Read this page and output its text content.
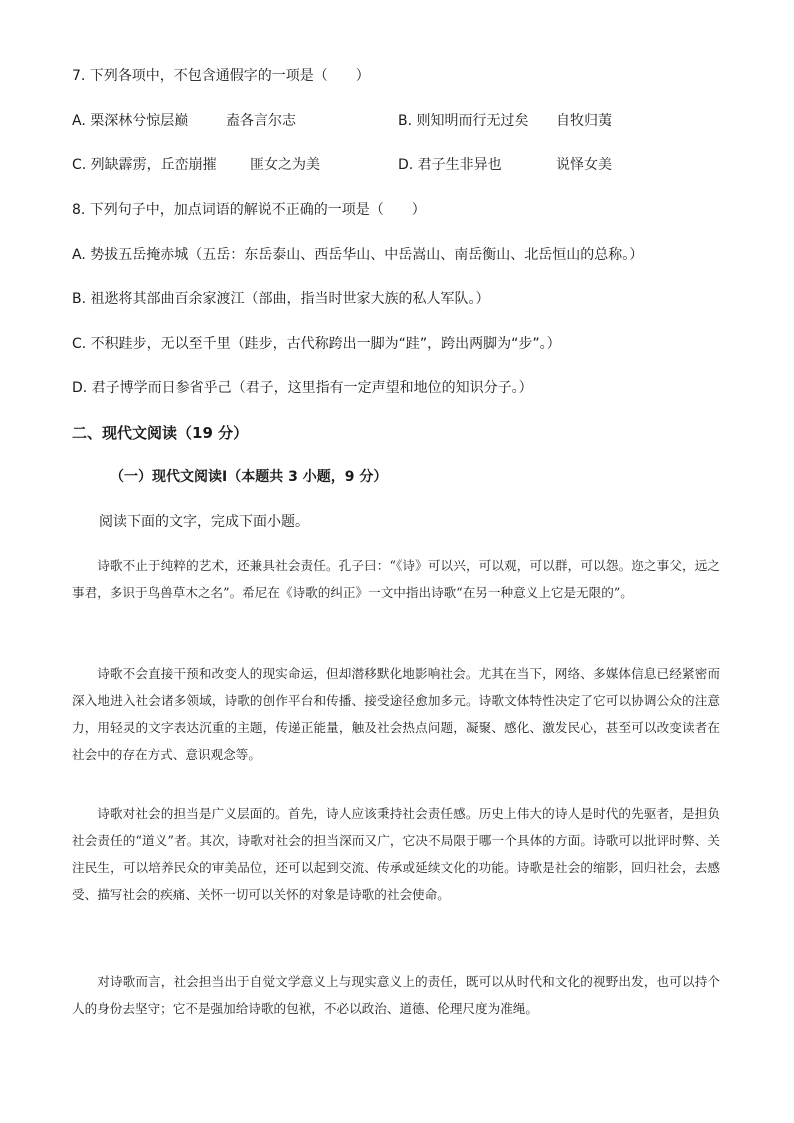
7. 下列各项中，不包含通假字的一项是（　　）
A. 栗深林兮惊层巅	盍各言尔志	B. 则知明而行无过矣 自牧归荑
C. 列缺霹雳，丘峦崩摧 匪女之为美	D. 君子生非异也	说怿女美
8. 下列句子中，加点词语的解说不正确的一项是（　　）
A. 势拔五岳掩赤城（五岳：东岳泰山、西岳华山、中岳嵩山、南岳衡山、北岳恒山的总称。）
B. 祖逖将其部曲百余家渡江（部曲，指当时世家大族的私人军队。）
C. 不积跬步，无以至千里（跬步，古代称跨出一脚为“跬”，跨出两脚为“步”。）
D. 君子博学而日参省乎己（君子，这里指有一定声望和地位的知识分子。）
二、现代文阅读（19 分）
（一）现代文阅读Ⅰ（本题共 3 小题，9 分）
阅读下面的文字，完成下面小题。
诗歌不止于纯粹的艺术，还兼具社会责任。孔子曰：“《诗》可以兴，可以观，可以群，可以怨。迩之事父，远之事君，多识于鸟兽草木之名”。希尼在《诗歌的纠正》一文中指出诗歌“在另一种意义上它是无限的”。
诗歌不会直接干预和改变人的现实命运，但却潜移默化地影响社会。尤其在当下，网络、多媒体信息已经紧密而深入地进入社会诸多领域，诗歌的创作平台和传播、接受途径愈加多元。诗歌文体特性决定了它可以协调公众的注意力，用轻灵的文字表达沉重的主题，传递正能量，触及社会热点问题，凝聚、感化、激发民心，甚至可以改变读者在社会中的存在方式、意识观念等。
诗歌对社会的担当是广义层面的。首先，诗人应该秉持社会责任感。历史上伟大的诗人是时代的先驱者，是担负社会责任的“道义”者。其次，诗歌对社会的担当深而又广，它决不局限于哪一个具体的方面。诗歌可以批评时弊、关注民生，可以培养民众的审美品位，还可以起到交流、传承或延续文化的功能。诗歌是社会的缩影，回归社会，去感受、描写社会的疾痛、关怀一切可以关怀的对象是诗歌的社会使命。
对诗歌而言，社会担当出于自觉文学意义上与现实意义上的责任，既可以从时代和文化的视野出发，也可以持个人的身份去坚守；它不是强加给诗歌的包袱，不必以政治、道德、伦理尺度为准绳。
